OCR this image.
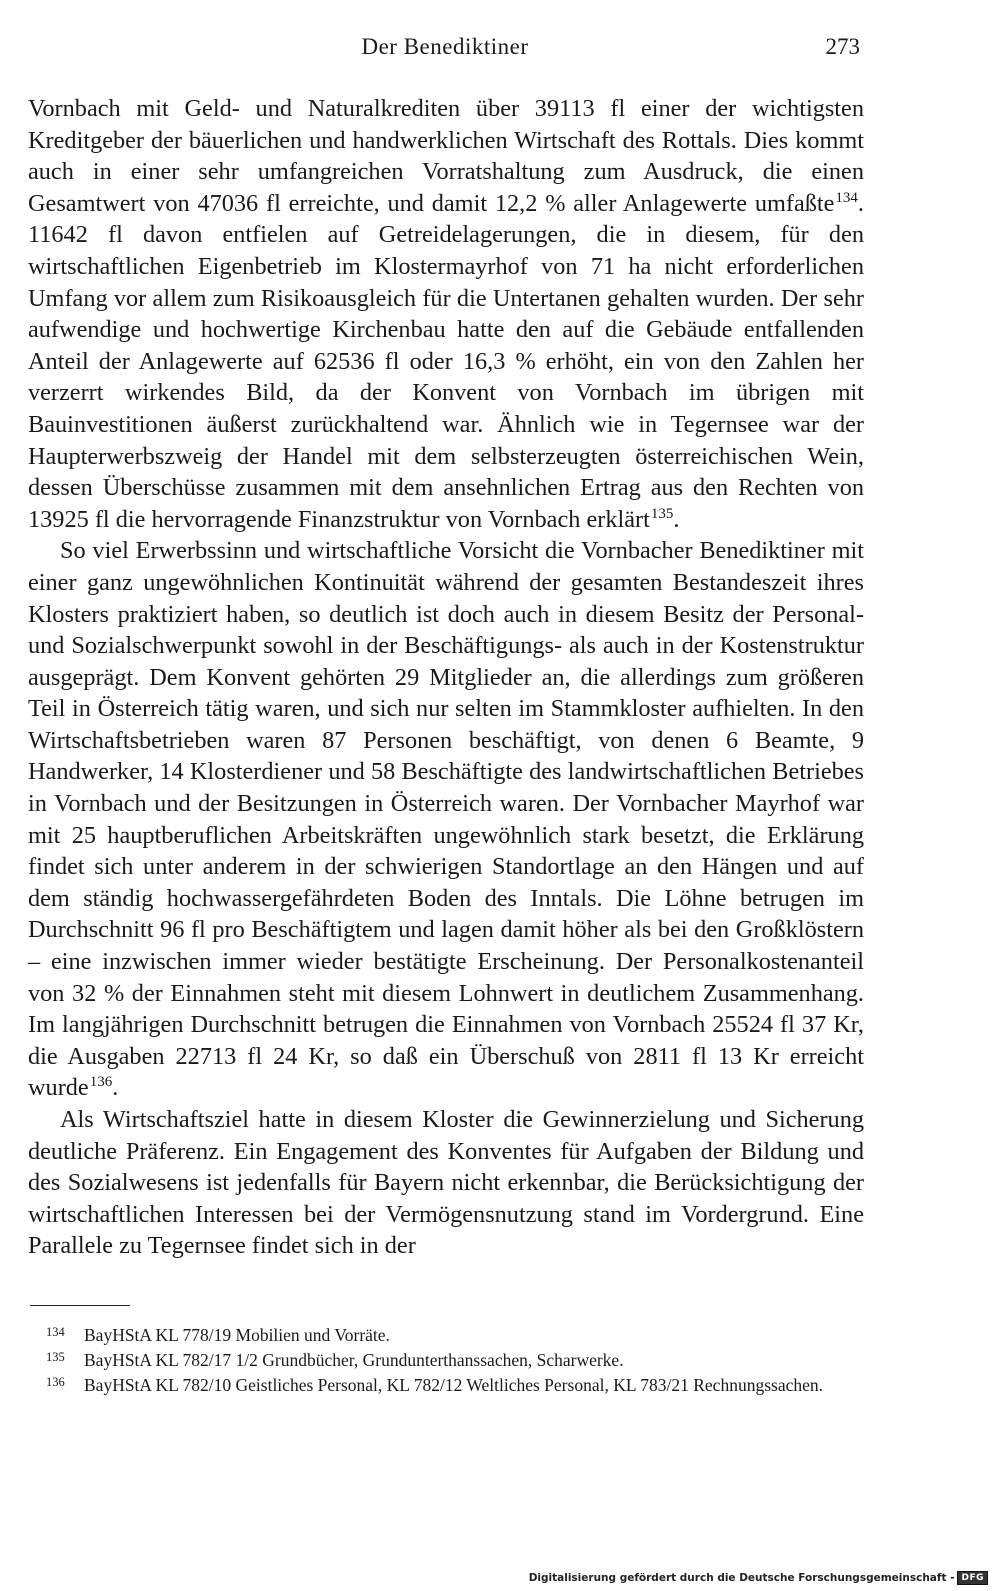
Der Benediktiner	273

Vornbach mit Geld- und Naturalkrediten über 39113 fl einer der wichtigsten Kreditgeber der bäuerlichen und handwerklichen Wirtschaft des Rottals. Dies kommt auch in einer sehr umfangreichen Vorratshaltung zum Ausdruck, die einen Gesamtwert von 47036 fl erreichte, und damit 12,2 % aller Anlagewerte umfaßte$^{134}$. 11642 fl davon entfielen auf Getreidelagerungen, die in diesem, für den wirtschaftlichen Eigenbetrieb im Klostermayrhof von 71 ha nicht erforderlichen Umfang vor allem zum Risikoausgleich für die Untertanen gehalten wurden. Der sehr aufwendige und hochwertige Kirchenbau hatte den auf die Gebäude entfallenden Anteil der Anlagewerte auf 62536 fl oder 16,3 % erhöht, ein von den Zahlen her verzerrt wirkendes Bild, da der Konvent von Vornbach im übrigen mit Bauinvestitionen äußerst zurückhaltend war. Ähnlich wie in Tegernsee war der Haupterwerbszweig der Handel mit dem selbsterzeugten österreichischen Wein, dessen Überschüsse zusammen mit dem ansehnlichen Ertrag aus den Rechten von 13925 fl die hervorragende Finanzstruktur von Vornbach erklärt$^{135}$.

So viel Erwerbssinn und wirtschaftliche Vorsicht die Vornbacher Benediktiner mit einer ganz ungewöhnlichen Kontinuität während der gesamten Bestandeszeit ihres Klosters praktiziert haben, so deutlich ist doch auch in diesem Besitz der Personal- und Sozialschwerpunkt sowohl in der Beschäftigungs- als auch in der Kostenstruktur ausgeprägt. Dem Konvent gehörten 29 Mitglieder an, die allerdings zum größeren Teil in Österreich tätig waren, und sich nur selten im Stammkloster aufhielten. In den Wirtschaftsbetrieben waren 87 Personen beschäftigt, von denen 6 Beamte, 9 Handwerker, 14 Klosterdiener und 58 Beschäftigte des landwirtschaftlichen Betriebes in Vornbach und der Besitzungen in Österreich waren. Der Vornbacher Mayrhof war mit 25 hauptberuflichen Arbeitskräften ungewöhnlich stark besetzt, die Erklärung findet sich unter anderem in der schwierigen Standortlage an den Hängen und auf dem ständig hochwassergefährdeten Boden des Inntals. Die Löhne betrugen im Durchschnitt 96 fl pro Beschäftigtem und lagen damit höher als bei den Großklöstern – eine inzwischen immer wieder bestätigte Erscheinung. Der Personalkostenanteil von 32 % der Einnahmen steht mit diesem Lohnwert in deutlichem Zusammenhang. Im langjährigen Durchschnitt betrugen die Einnahmen von Vornbach 25524 fl 37 Kr, die Ausgaben 22713 fl 24 Kr, so daß ein Überschuß von 2811 fl 13 Kr erreicht wurde$^{136}$.

Als Wirtschaftsziel hatte in diesem Kloster die Gewinnerzielung und Sicherung deutliche Präferenz. Ein Engagement des Konventes für Aufgaben der Bildung und des Sozialwesens ist jedenfalls für Bayern nicht erkennbar, die Berücksichtigung der wirtschaftlichen Interessen bei der Vermögensnutzung stand im Vordergrund. Eine Parallele zu Tegernsee findet sich in der

134 BayHStA KL 778/19 Mobilien und Vorräte.

135 BayHStA KL 782/17 1/2 Grundbücher, Grundunterthanssachen, Scharwerke.

136 BayHStA KL 782/10 Geistliches Personal, KL 782/12 Weltliches Personal, KL 783/21 Rechnungssachen.

Digitalisierung gefördert durch die Deutsche Forschungsgemeinschaft - DFG
